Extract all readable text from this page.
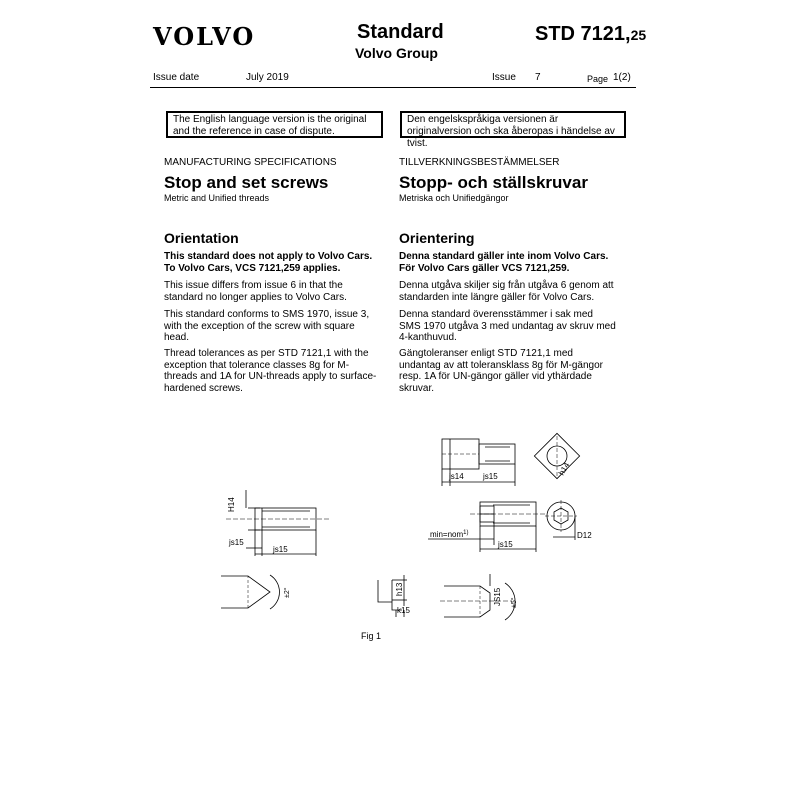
VOLVO	Standard
Volvo Group
STD 7121,25
Issue date	July 2019	Issue 7	Page 1(2)
The English language version is the original and the reference in case of dispute.
Den engelskspråkiga versionen är originalversion och ska åberopas i händelse av tvist.
MANUFACTURING SPECIFICATIONS
Stop and set screws
Metric and Unified threads
Orientation
This standard does not apply to Volvo Cars. To Volvo Cars, VCS 7121,259 applies.
This issue differs from issue 6 in that the standard no longer applies to Volvo Cars.
This standard conforms to SMS 1970, issue 3, with the exception of the screw with square head.
Thread tolerances as per STD 7121,1 with the exception that tolerance classes 8g for M-threads and 1A for UN-threads apply to surface-hardened screws.
TILLVERKNINGSBESTÄMMELSER
Stopp- och ställskruvar
Metriska och Unifiedgängor
Orientering
Denna standard gäller inte inom Volvo Cars. För Volvo Cars gäller VCS 7121,259.
Denna utgåva skiljer sig från utgåva 6 genom att standarden inte längre gäller för Volvo Cars.
Denna standard överensstämmer i sak med SMS 1970 utgåva 3 med undantag av skruv med 4-kanthuvud.
Gängtoleranser enligt STD 7121,1 med undantag av att toleransklass 8g för M-gängor resp. 1A för UN-gängor gäller vid ythärdade skruvar.
H14
js15
js15
js14 js15	h14
min=nom$^{1)}$
js15
D12
±2°	h13
k15
JS15 ±5°
Fig 1
